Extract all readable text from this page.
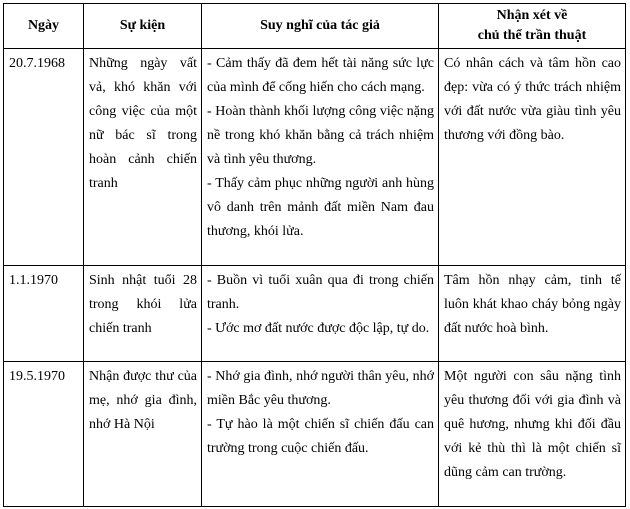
Ngày	Sự kiện	Suy nghĩ của tác giả	Nhận xét về
chủ thể trần thuật

20.7.1968	Những ngày vất vả, khó khăn với công việc của một nữ bác sĩ trong hoàn cảnh chiến tranh	- Cảm thấy đã đem hết tài năng sức lực của mình để cống hiến cho cách mạng.

- Hoàn thành khối lượng công việc nặng nề trong khó khăn bằng cả trách nhiệm và tình yêu thương.

- Thấy cảm phục những người anh hùng vô danh trên mảnh đất miền Nam đau thương, khói lửa.	Có nhân cách và tâm hồn cao đẹp: vừa có ý thức trách nhiệm với đất nước vừa giàu tình yêu thương với đồng bào.
1.1.1970	Sinh nhật tuổi 28 trong khói lửa chiến tranh	- Buồn vì tuổi xuân qua đi trong chiến tranh.

- Ước mơ đất nước được độc lập, tự do.	Tâm hồn nhạy cảm, tinh tế luôn khát khao cháy bỏng ngày đất nước hoà bình.
19.5.1970	Nhận được thư của mẹ, nhớ gia đình, nhớ Hà Nội	- Nhớ gia đình, nhớ người thân yêu, nhớ miền Bắc yêu thương.

- Tự hào là một chiến sĩ chiến đấu can trường trong cuộc chiến đấu.	Một người con sâu nặng tình yêu thương đối với gia đình và quê hương, nhưng khi đối đầu với kẻ thù thì là một chiến sĩ dũng cảm can trường.
